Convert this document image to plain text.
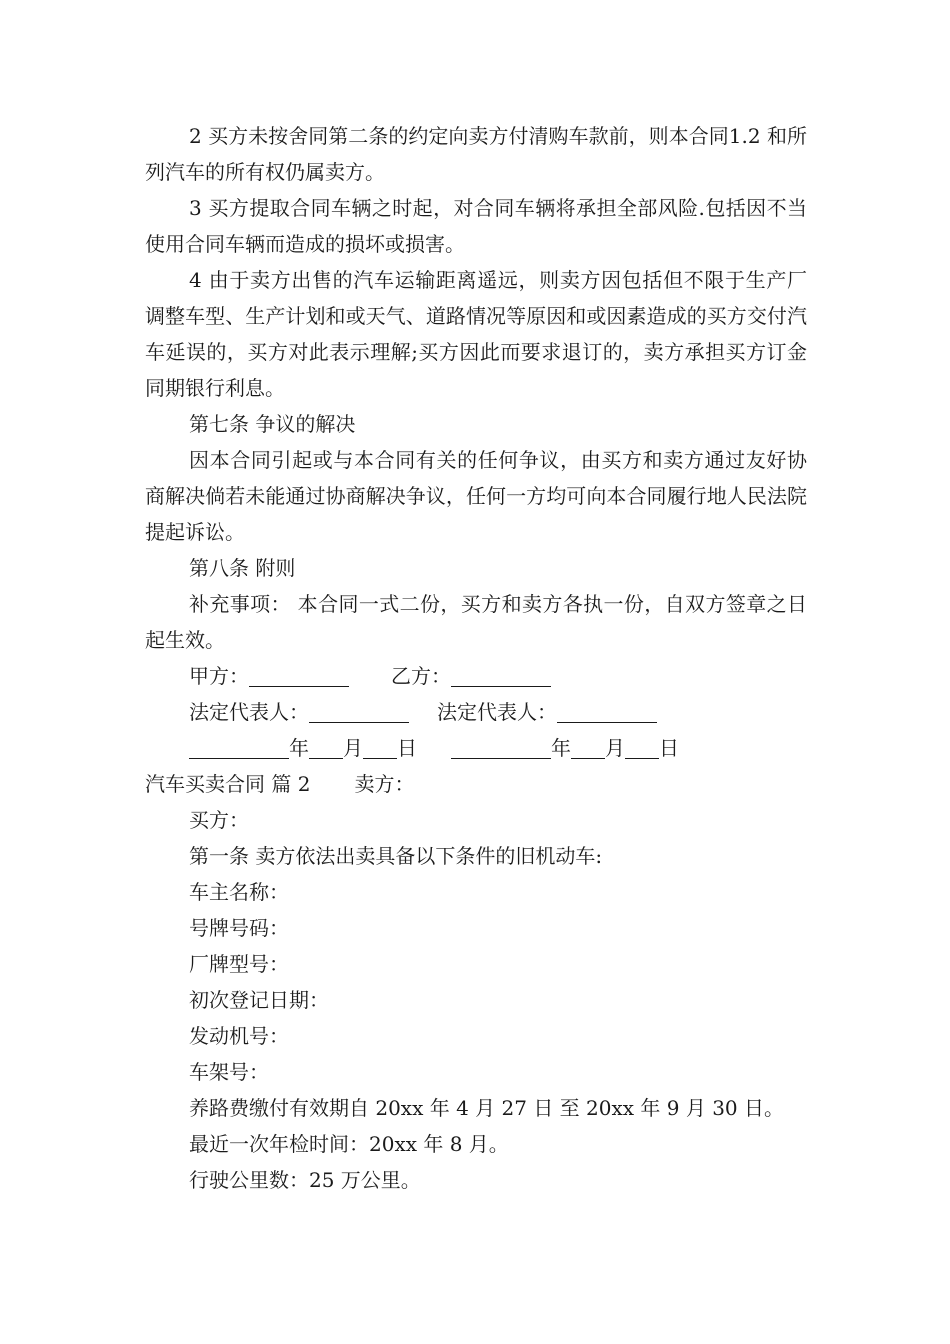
2 买方未按舍同第二条的约定向卖方付清购车款前，则本合同1.2 和所列汽车的所有权仍属卖方。

3 买方提取合同车辆之时起，对合同车辆将承担全部风险.包括因不当使用合同车辆而造成的损坏或损害。

4 由于卖方出售的汽车运输距离遥远，则卖方因包括但不限于生产厂调整车型、生产计划和或天气、道路情况等原因和或因素造成的买方交付汽车延误的，买方对此表示理解;买方因此而要求退订的，卖方承担买方订金同期银行利息。

第七条 争议的解决

因本合同引起或与本合同有关的任何争议，由买方和卖方通过友好协商解决倘若未能通过协商解决争议，任何一方均可向本合同履行地人民法院提起诉讼。

第八条 附则

补充事项： 本合同一式二份，买方和卖方各执一份，自双方签章之日起生效。

甲方：	乙方：

法定代表人：	法定代表人：

年 月 日	年 月 日

汽车买卖合同 篇 2 卖方：

买方：

第一条 卖方依法出卖具备以下条件的旧机动车:

车主名称：

号牌号码：

厂牌型号：

初次登记日期：

发动机号：

车架号：

养路费缴付有效期自 20xx 年 4 月 27 日 至 20xx 年 9 月 30 日。

最近一次年检时间：20xx 年 8 月。

行驶公里数：25 万公里。
